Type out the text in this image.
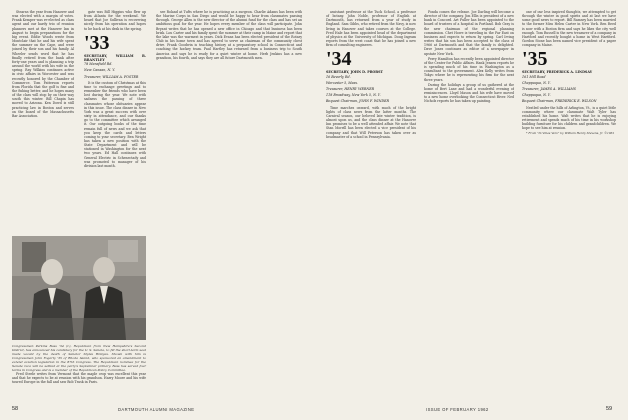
Stearns the year from Hanover and was elected with a margin of votes. Frank Kemper was re-elected as class agent and our hardy trio of reunion planners met at the Hanover Inn in August to begin preparations for the big event. Eddie Woods wrote from Montclair that he and his wife spent the summer on the Cape, and were joined by their son and his family. Al Wheeler sends word that he has finally retired from the bank after forty-one years and is planning a trip around the world with his wife in the spring. Ray Wilkins continues active in civic affairs in Worcester and was recently honored by the Chamber of Commerce. Tom Patterson reports from Florida that the golf is fine and the fishing better, and he hopes many of the class will stop by on their way south this winter. Bill Chapin has moved to Arizona. Ken Dowd is still practicing law in Boston and serves on the board of the Massachusetts Bar Association.

gate was Bill Higgins who flew up from Atlanta for the weekend. We heard that Joe Sullivan is recovering nicely from his operation and hopes to be back at his desk in the spring.

'33
SECRETARY, WILLIAM B. BRANTLEY
78 Mansfield Rd.
New Canaan, N. Y.
Treasurer, WILLIAM A. FOSTER

It is the custom of Christmas at this time to exchange greetings and to remember the friends who have been lost during the year. We note with sadness the passing of three classmates whose obituaries appear in this issue. The class dinner in New York was a great success with over sixty in attendance, and our thanks go to the committee which arranged it. Our outgoing books of the time remain full of news and we ask that you keep the cards and letters coming to your secretary. Ben Wright has taken a new position with the State Department and will be stationed in Washington for the next two years. Ed Hall continues with General Electric in Schenectady and was promoted to manager of his division last month.

see Roland at Tufts where he is practicing as a surgeon. Charlie Adams has been with the Marine Corps in San Diego and would be happy to hear from classmates passing through. George Allen is the new director of the alumni fund for the class and has set an ambitious goal for the year. He hopes every member of the class will participate. John Bryant writes that he has opened a new office in Chicago and that business has been brisk. Lou Carter and his family spent the summer at their camp in Maine and report that the lake was the warmest in years. Dick Evans has been elected president of the Rotary Club in his home town and has agreed to serve as chairman of the community chest drive. Frank Goodwin is teaching history at a preparatory school in Connecticut and coaching the hockey team. Paul Hartley has returned from a business trip to South America and says he is ready for a quiet winter at home. Herb Jenkins has a new grandson, his fourth, and says they are all future Dartmouth men.

Congressman Perkins Bass '34 (r.), Republican from New Hampshire's Second District, has announced his candidacy for the U. S. Senate, to fill the short-term seat made vacant by the death of Senator Styles Bridges. Shown with him is Congressman John Fogarty '35 of Rhode Island, who sponsored an amendment to extend aviation legislation in the 87th Congress. The Republican nominee for the Senate race will be settled at the party's September primary. Bass has served four terms in Congress and is a member of the Republican Policy Committee.

Fred Steele writes from Vermont that the maple crop was excellent this year and that he expects to be at reunion with his grandson. Harry Moore and his wife toured Europe in the fall and saw Bob Trask in Paris.

58	DARTMOUTH ALUMNI MAGAZINE

assistant professor at the Tuck School, a professor of botany. John Noble, professor of English at Dartmouth, has returned from a year of study in England. Sam Gibbs, who retired from the Navy, is now living in Hanover and takes courses at the College. Fred Hale has been appointed head of the department of physics at the University of Michigan. Doug Ingram reports from the west coast that he has joined a new firm of consulting engineers.

'34
SECRETARY, JOHN D. PROBST
16 Beverly Rd.
Worcester 5, Mass.
Treasurer, HENRY WERNER
118 Broadway, New York 5, N. Y.
Bequest Chairman, JOHN F. WINDER

Time marches onward, with much of the bright lights of class news from the latter months. The Carnival season, our beloved late winter tradition, is almost upon us, and the class dinner at the Hanover Inn promises to be a well attended affair. We note that Stan Morrill has been elected a vice president of his company and that Will Peterson has taken over as headmaster of a school in Pennsylvania.

Fonda comes the release. Joe Darling will become a director of the company. Jim Ellis is president of a new bank in Concord. Art Fuller has been appointed to the board of trustees of a hospital in Portland. Bob Gray is the new chairman of the regional planning commission. Chet Howe is traveling in the Far East on business and expects to return by spring. Carl Irving writes that his son has been accepted to the class of 1966 at Dartmouth and that the family is delighted. Dave Jones continues as editor of a newspaper in upstate New York.

Perry Hamilton has recently been appointed director of the Center for Public Affairs. Hank Jensen reports he is spending much of his time in Washington as a consultant to the government. Alex Kelly writes from Tokyo where he is representing his firm for the next three years.

During the holidays a group of us gathered at the home of Bert Lane and had a wonderful evening of reminiscences. Lloyd Mason and his wife have moved to a new home overlooking the Connecticut River. Ned Nichols reports he has taken up painting.

one of our less inspired thoughts, we attempted to get through the winter in good spirits and at last we have some good news to report. Bill Ramsey has been married to the former Miss Helen Carter in New York. Ben Reed is now with a Boston firm and says he likes the city well enough. Tom Russell is the new treasurer of a company in Hartford and recently bought a home in West Hartford. Gordon Stone has been named vice president of a paper company in Maine.

'35
SECRETARY, FREDERICK A. LINDSAY
161 Mill Road
Chappaqua, N. Y.
Treasurer, JAMES A. WILLIAMS
Chappaqua, N. Y.
Bequest Chairman, FREDERICK E. WILSON

Nestled under the hills of Arlington, Vt., is a quiet little community where our classmate Walt Tyler has established his home. Walt writes that he is enjoying retirement and spends much of his time in his workshop building furniture for his children and grandchildren. We hope to see him at reunion.

* From "In Vines Vero" by William Henry Stevens, Jr. ©1961

ISSUE OF FEBRUARY 1962	59
